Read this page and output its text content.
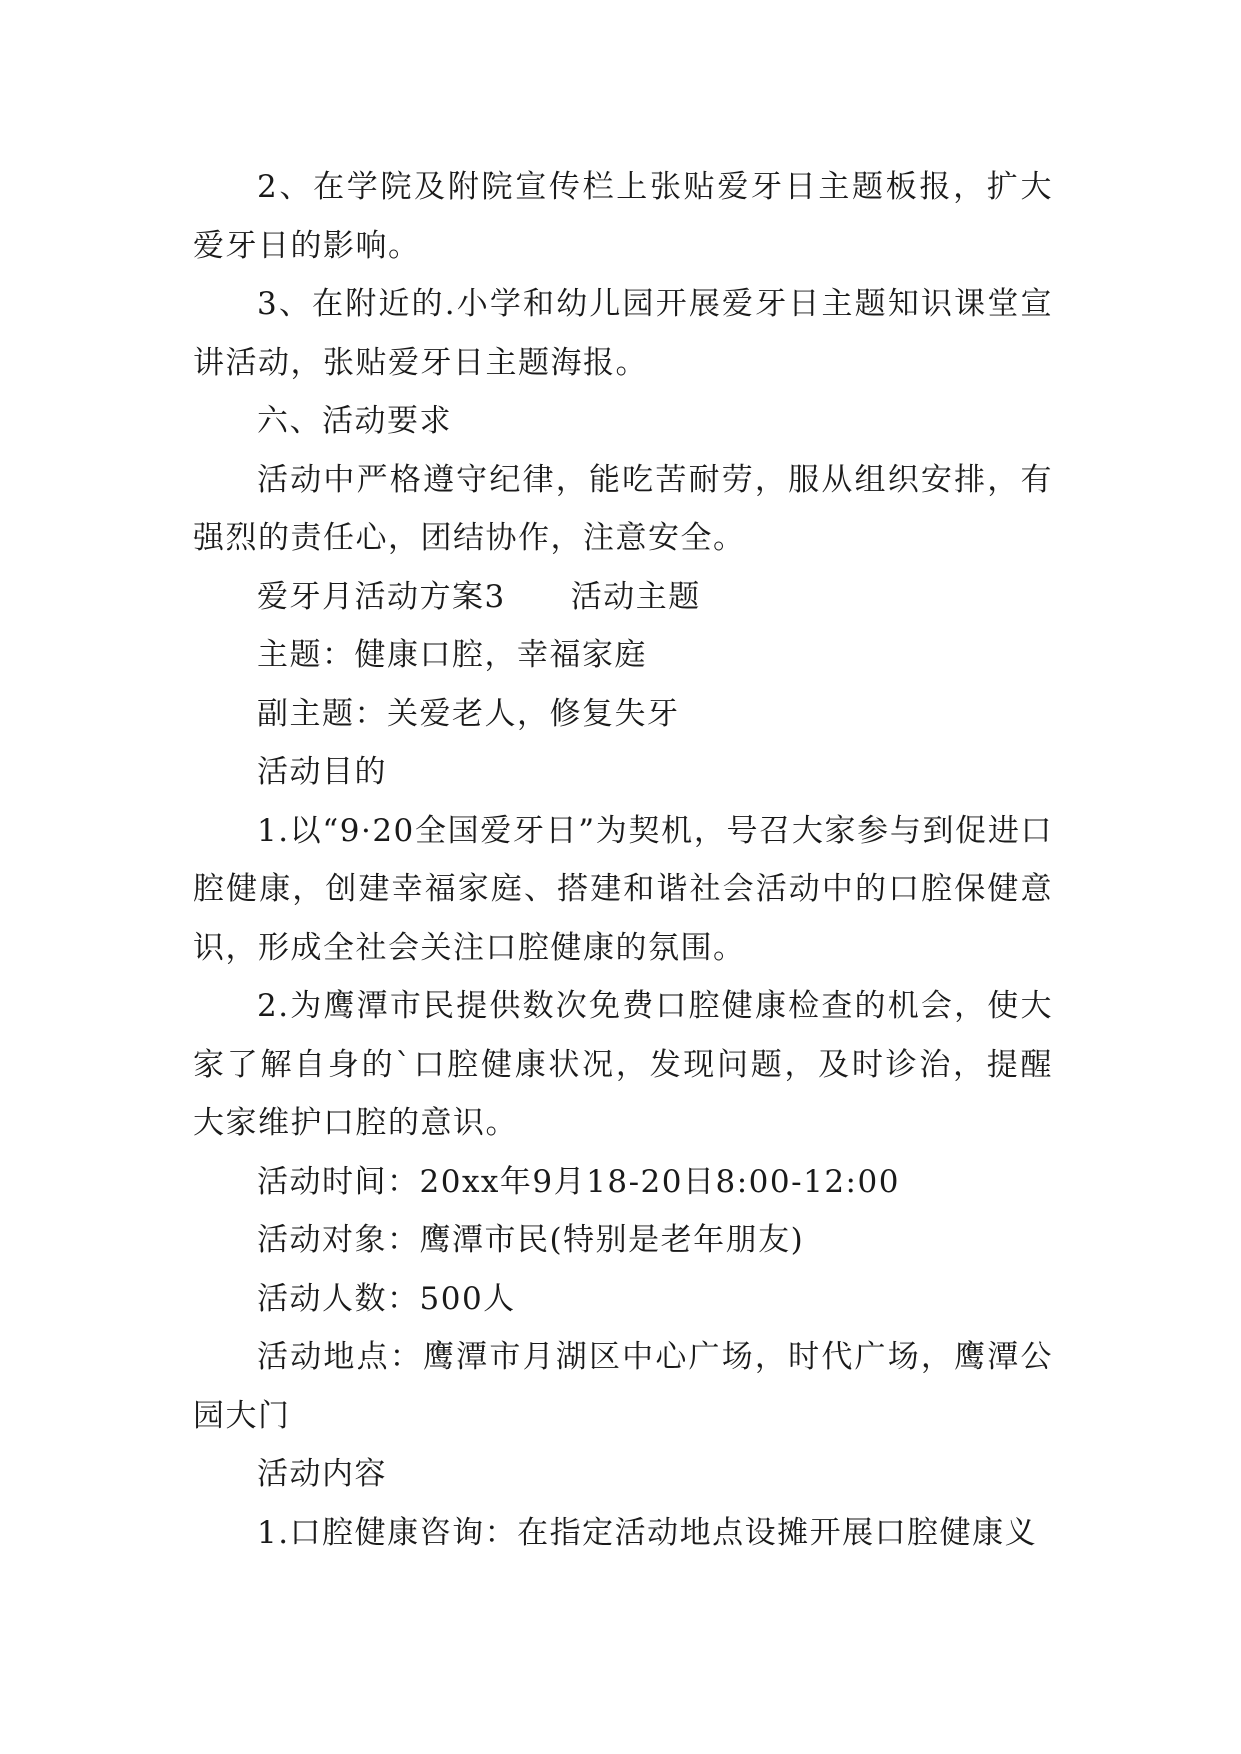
2、在学院及附院宣传栏上张贴爱牙日主题板报，扩大爱牙日的影响。

3、在附近的.小学和幼儿园开展爱牙日主题知识课堂宣讲活动，张贴爱牙日主题海报。

六、活动要求

活动中严格遵守纪律，能吃苦耐劳，服从组织安排，有强烈的责任心，团结协作，注意安全。

爱牙月活动方案3　　活动主题

主题：健康口腔，幸福家庭

副主题：关爱老人，修复失牙

活动目的

1.以“9·20全国爱牙日”为契机，号召大家参与到促进口腔健康，创建幸福家庭、搭建和谐社会活动中的口腔保健意识，形成全社会关注口腔健康的氛围。

2.为鹰潭市民提供数次免费口腔健康检查的机会，使大家了解自身的`口腔健康状况，发现问题，及时诊治，提醒大家维护口腔的意识。

活动时间：20xx年9月18-20日8:00-12:00

活动对象：鹰潭市民(特别是老年朋友)

活动人数：500人

活动地点：鹰潭市月湖区中心广场，时代广场，鹰潭公园大门

活动内容

1.口腔健康咨询：在指定活动地点设摊开展口腔健康义
